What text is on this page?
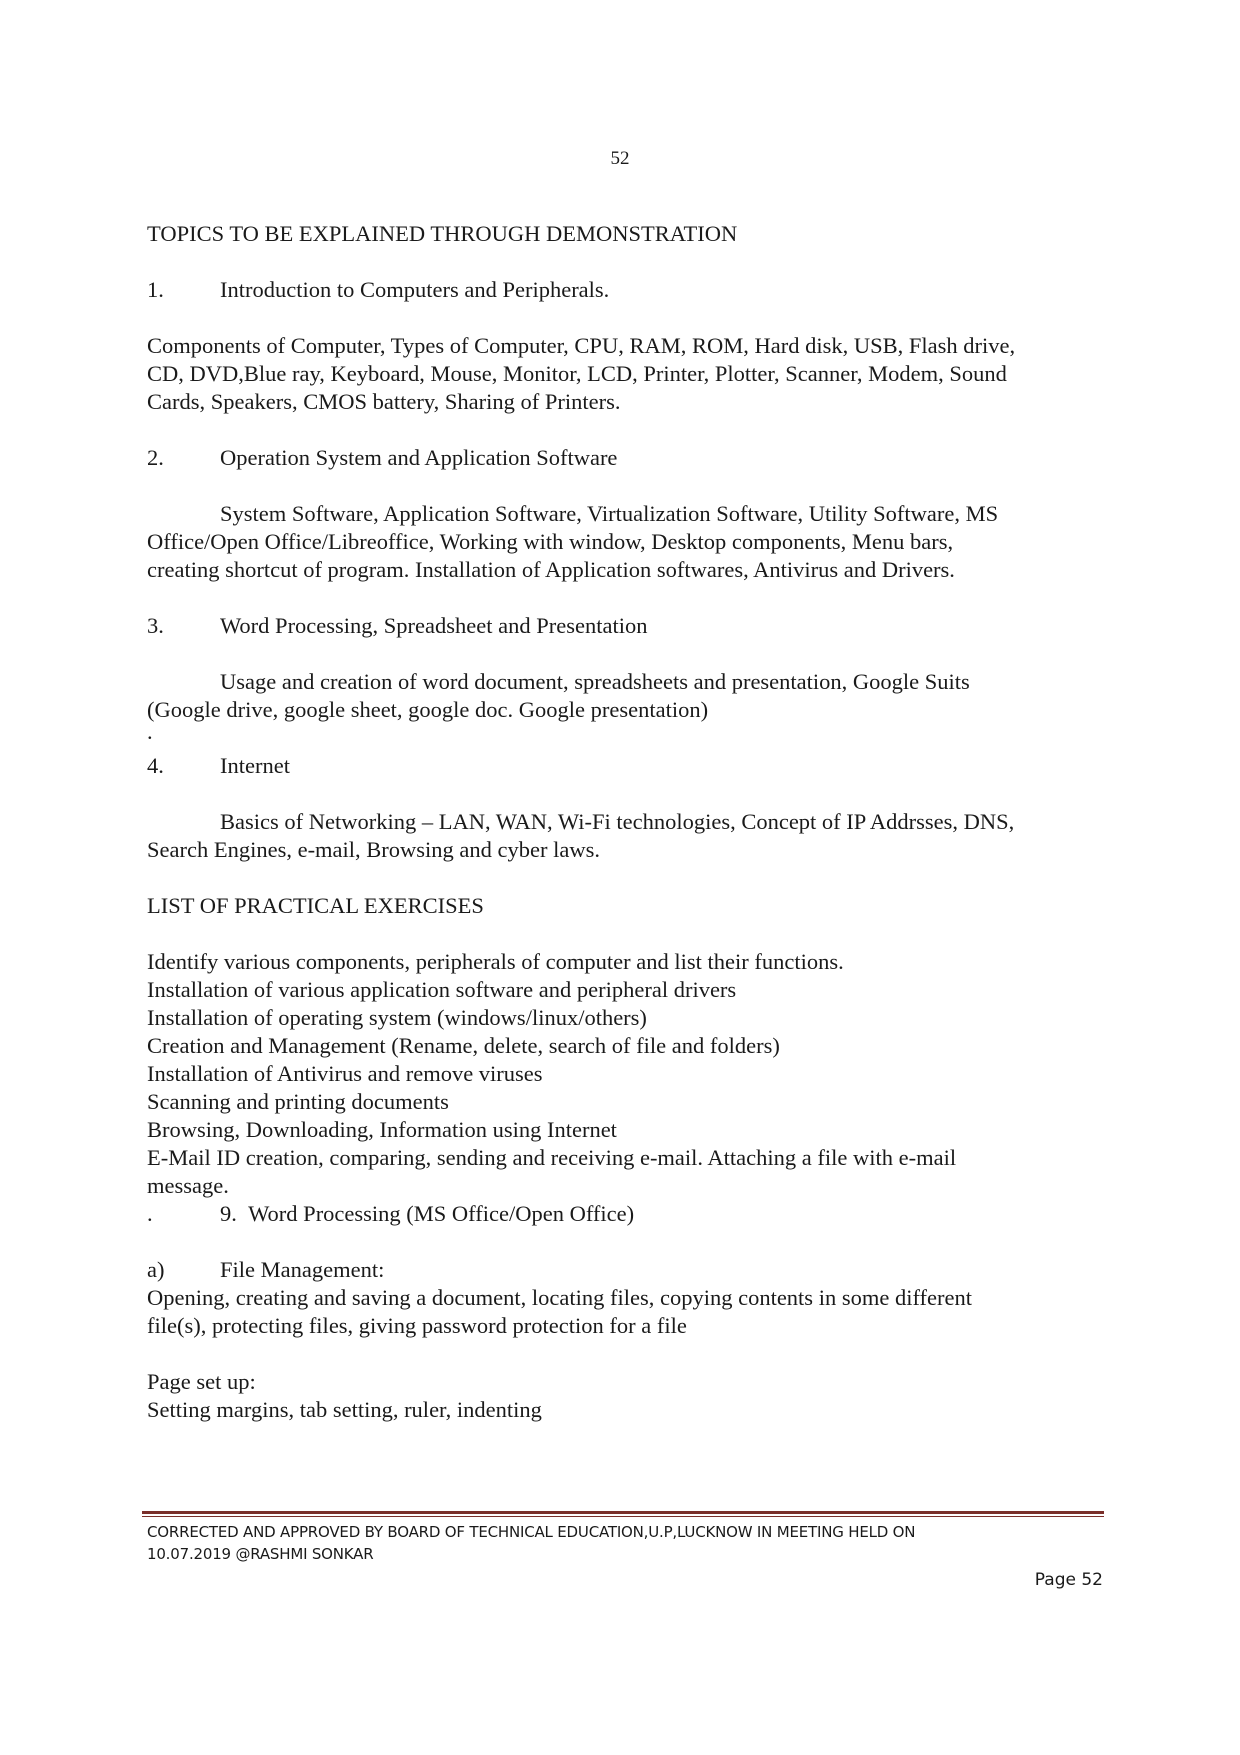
52
TOPICS TO BE EXPLAINED THROUGH DEMONSTRATION
1. Introduction to Computers and Peripherals.
Components of Computer, Types of Computer, CPU, RAM, ROM, Hard disk, USB, Flash drive,
CD, DVD,Blue ray, Keyboard, Mouse, Monitor, LCD, Printer, Plotter, Scanner, Modem, Sound
Cards, Speakers, CMOS battery, Sharing of Printers.
2. Operation System and Application Software
System Software, Application Software, Virtualization Software, Utility Software, MS
Office/Open Office/Libreoffice, Working with window, Desktop components, Menu bars,
creating shortcut of program. Installation of Application softwares, Antivirus and Drivers.
3. Word Processing, Spreadsheet and Presentation
Usage and creation of word document, spreadsheets and presentation, Google Suits
(Google drive, google sheet, google doc. Google presentation)
.
4. Internet
Basics of Networking – LAN, WAN, Wi-Fi technologies, Concept of IP Addrsses, DNS,
Search Engines, e-mail, Browsing and cyber laws.
LIST OF PRACTICAL EXERCISES
Identify various components, peripherals of computer and list their functions.
Installation of various application software and peripheral drivers
Installation of operating system (windows/linux/others)
Creation and Management (Rename, delete, search of file and folders)
Installation of Antivirus and remove viruses
Scanning and printing documents
Browsing, Downloading, Information using Internet
E-Mail ID creation, comparing, sending and receiving e-mail. Attaching a file with e-mail
message.
.	9. Word Processing (MS Office/Open Office)
a) File Management:
Opening, creating and saving a document, locating files, copying contents in some different
file(s), protecting files, giving password protection for a file
Page set up:
Setting margins, tab setting, ruler, indenting
CORRECTED AND APPROVED BY BOARD OF TECHNICAL EDUCATION,U.P,LUCKNOW IN MEETING HELD ON
10.07.2019 @RASHMI SONKAR
Page 52
